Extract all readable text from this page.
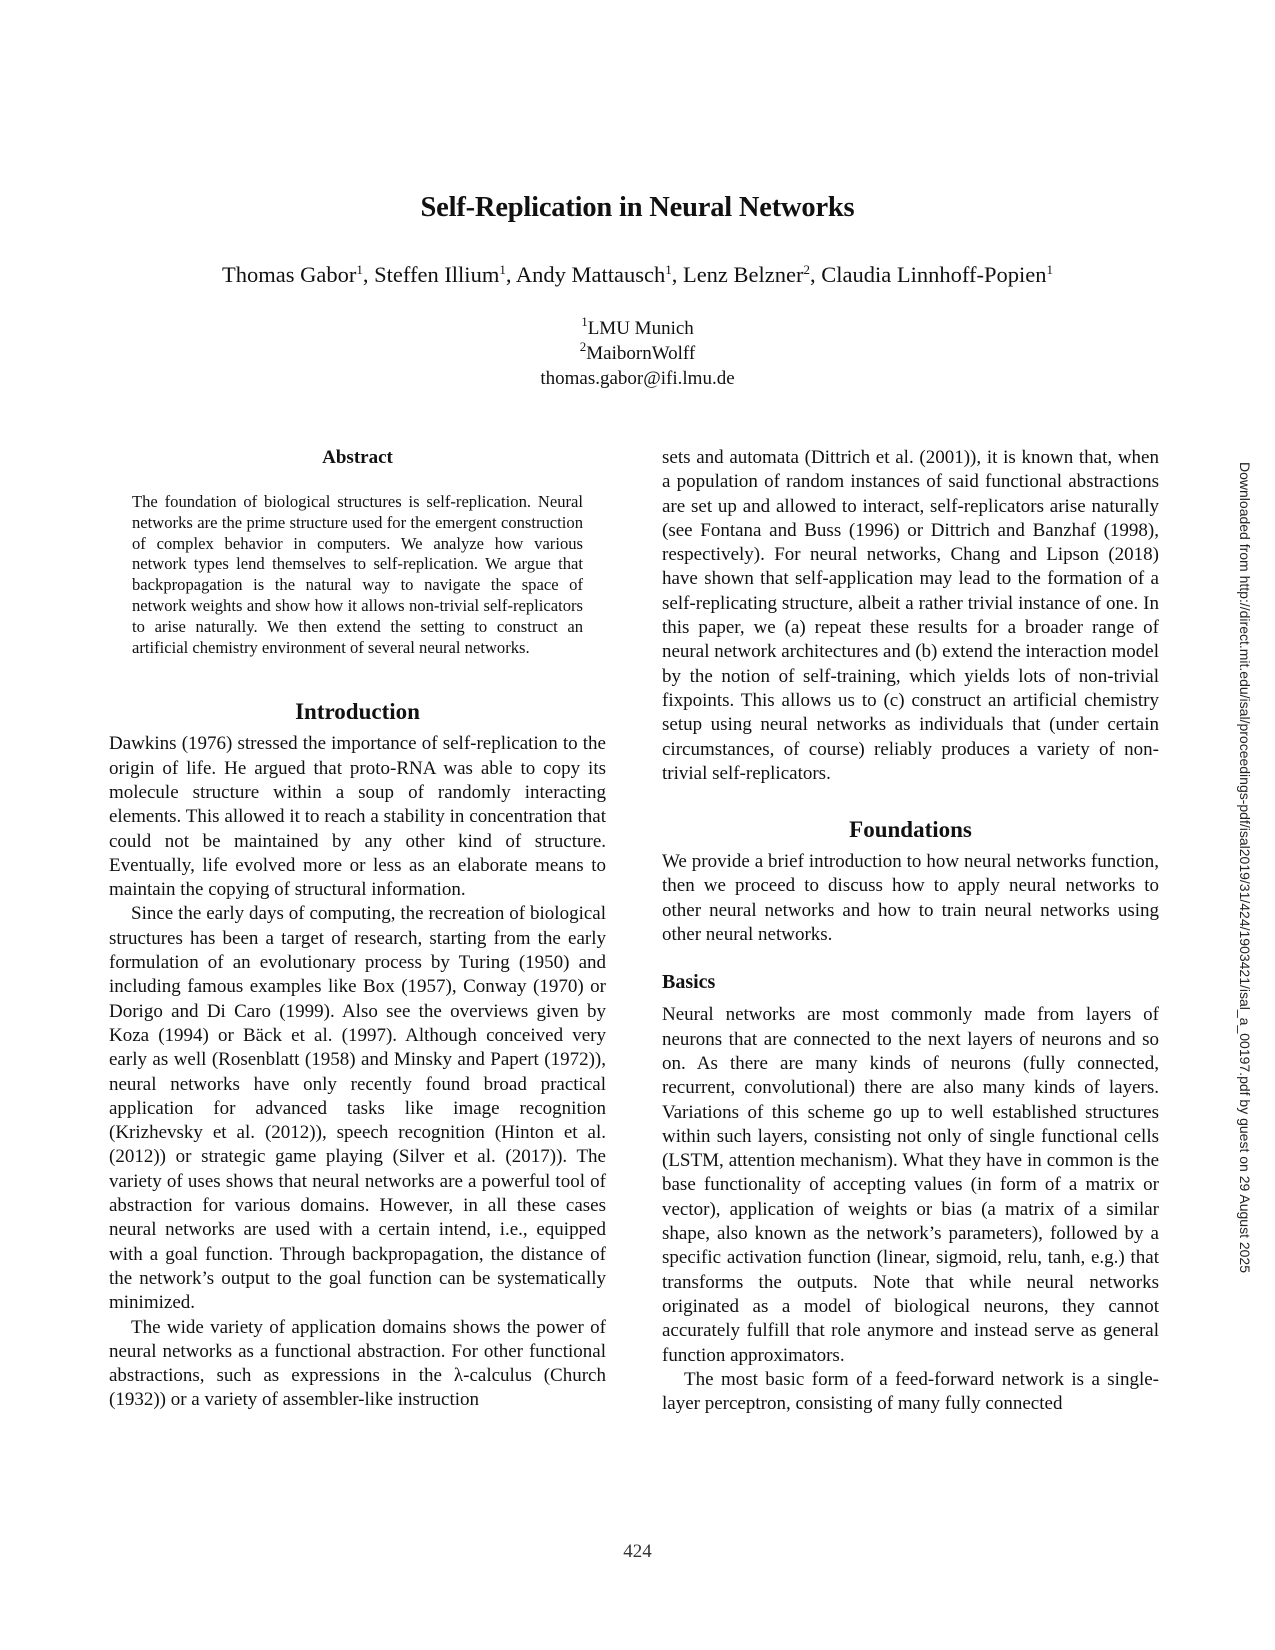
Self-Replication in Neural Networks
Thomas Gabor$^1$, Steffen Illium$^1$, Andy Mattausch$^1$, Lenz Belzner$^2$, Claudia Linnhoff-Popien$^1$
$^1$LMU Munich
$^2$MaibornWolff
thomas.gabor@ifi.lmu.de
Abstract

The foundation of biological structures is self-replication. Neural networks are the prime structure used for the emergent construction of complex behavior in computers. We analyze how various network types lend themselves to self-replication. We argue that backpropagation is the natural way to navigate the space of network weights and show how it allows non-trivial self-replicators to arise naturally. We then extend the setting to construct an artificial chemistry environment of several neural networks.

Introduction

Dawkins (1976) stressed the importance of self-replication to the origin of life. He argued that proto-RNA was able to copy its molecule structure within a soup of randomly interacting elements. This allowed it to reach a stability in concentration that could not be maintained by any other kind of structure. Eventually, life evolved more or less as an elaborate means to maintain the copying of structural information.

Since the early days of computing, the recreation of biological structures has been a target of research, starting from the early formulation of an evolutionary process by Turing (1950) and including famous examples like Box (1957), Conway (1970) or Dorigo and Di Caro (1999). Also see the overviews given by Koza (1994) or Bäck et al. (1997). Although conceived very early as well (Rosenblatt (1958) and Minsky and Papert (1972)), neural networks have only recently found broad practical application for advanced tasks like image recognition (Krizhevsky et al. (2012)), speech recognition (Hinton et al. (2012)) or strategic game playing (Silver et al. (2017)). The variety of uses shows that neural networks are a powerful tool of abstraction for various domains. However, in all these cases neural networks are used with a certain intend, i.e., equipped with a goal function. Through backpropagation, the distance of the network’s output to the goal function can be systematically minimized.

The wide variety of application domains shows the power of neural networks as a functional abstraction. For other functional abstractions, such as expressions in the λ-calculus (Church (1932)) or a variety of assembler-like instruction

sets and automata (Dittrich et al. (2001)), it is known that, when a population of random instances of said functional abstractions are set up and allowed to interact, self-replicators arise naturally (see Fontana and Buss (1996) or Dittrich and Banzhaf (1998), respectively). For neural networks, Chang and Lipson (2018) have shown that self-application may lead to the formation of a self-replicating structure, albeit a rather trivial instance of one. In this paper, we (a) repeat these results for a broader range of neural network architectures and (b) extend the interaction model by the notion of self-training, which yields lots of non-trivial fixpoints. This allows us to (c) construct an artificial chemistry setup using neural networks as individuals that (under certain circumstances, of course) reliably produces a variety of non-trivial self-replicators.

Foundations

We provide a brief introduction to how neural networks function, then we proceed to discuss how to apply neural networks to other neural networks and how to train neural networks using other neural networks.

Basics

Neural networks are most commonly made from layers of neurons that are connected to the next layers of neurons and so on. As there are many kinds of neurons (fully connected, recurrent, convolutional) there are also many kinds of layers. Variations of this scheme go up to well established structures within such layers, consisting not only of single functional cells (LSTM, attention mechanism). What they have in common is the base functionality of accepting values (in form of a matrix or vector), application of weights or bias (a matrix of a similar shape, also known as the network’s parameters), followed by a specific activation function (linear, sigmoid, relu, tanh, e.g.) that transforms the outputs. Note that while neural networks originated as a model of biological neurons, they cannot accurately fulfill that role anymore and instead serve as general function approximators.

The most basic form of a feed-forward network is a single-layer perceptron, consisting of many fully connected

Downloaded from http://direct.mit.edu/isal/proceedings-pdf/isal2019/31/424/1903421/isal_a_00197.pdf by guest on 29 August 2025
424
